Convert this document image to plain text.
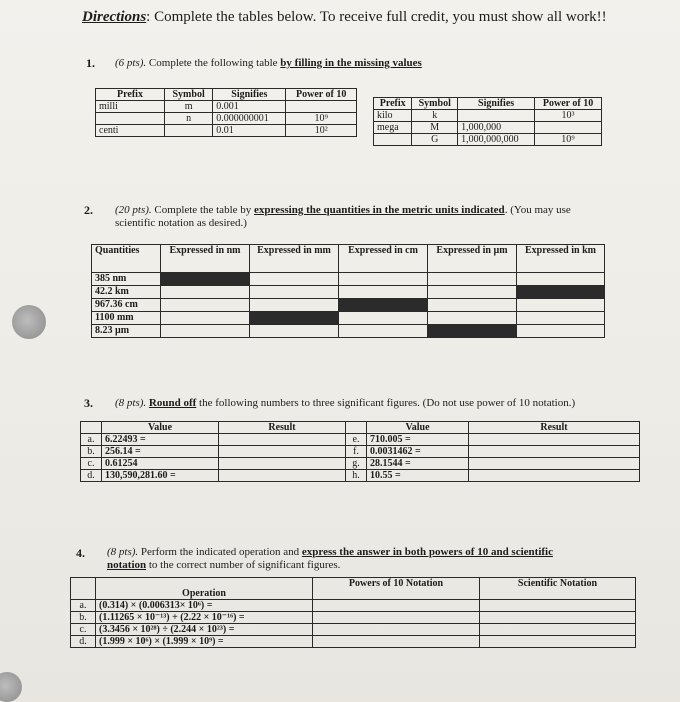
Directions: Complete the tables below. To receive full credit, you must show all work!!
1. (6 pts). Complete the following table by filling in the missing values
Prefix	Symbol	Signifies	Power of 10
milli	m	0.001	
	n	0.000000001	10⁹
centi		0.01	10²
Prefix	Symbol	Signifies	Power of 10
kilo	k		10³
mega	M	1,000,000	
	G	1,000,000,000	10⁹
2. (20 pts). Complete the table by expressing the quantities in the metric units indicated. (You may use
scientific notation as desired.)
Quantities	Expressed in nm	Expressed in mm	Expressed in cm	Expressed in µm	Expressed in km
385 nm					
42.2 km					
967.36 cm					
1100 mm					
8.23 µm					
3. (8 pts). Round off the following numbers to three significant figures. (Do not use power of 10 notation.)
	Value	Result		Value	Result
a.	6.22493 =		e.	710.005 =	
b.	256.14 =		f.	0.0031462 =	
c.	0.61254		g.	28.1544 =	
d.	130,590,281.60 =		h.	10.55 =	
4. (8 pts). Perform the indicated operation and express the answer in both powers of 10 and scientific
notation to the correct number of significant figures.
	Operation	Powers of 10 Notation	Scientific Notation
a.	(0.314) × (0.006313× 10⁶) =		
b.	(1.11265 × 10⁻¹³) + (2.22 × 10⁻¹⁶) =		
c.	(3.3456 × 10²⁸) ÷ (2.244 × 10²³) =		
d.	(1.999 × 10⁶) × (1.999 × 10⁹) =		
